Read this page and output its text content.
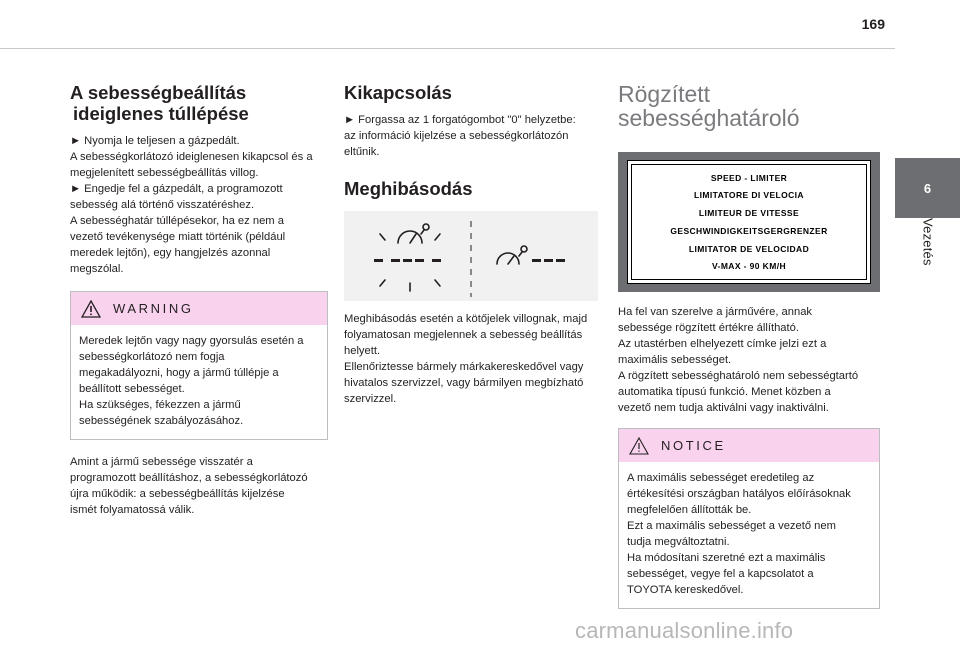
169
6
Vezetés
A sebességbeállítás
ideiglenes túllépése

► Nyomja le teljesen a gázpedált.

A sebességkorlátozó ideiglenesen kikapcsol és a

megjelenített sebességbeállítás villog.

► Engedje fel a gázpedált, a programozott

sebesség alá történő visszatéréshez.

A sebességhatár túllépésekor, ha ez nem a

vezető tevékenysége miatt történik (például

meredek lejtőn), egy hangjelzés azonnal

megszólal.

WARNING

Meredek lejtőn vagy nagy gyorsulás esetén a

sebességkorlátozó nem fogja

megakadályozni, hogy a jármű túllépje a

beállított sebességet.

Ha szükséges, fékezzen a jármű

sebességének szabályozásához.

Amint a jármű sebessége visszatér a

programozott beállításhoz, a sebességkorlátozó

újra működik: a sebességbeállítás kijelzése

ismét folyamatossá válik.

Kikapcsolás

► Forgassa az 1 forgatógombot "0" helyzetbe:

az információ kijelzése a sebességkorlátozón

eltűnik.

Meghibásodás

Meghibásodás esetén a kötőjelek villognak, majd

folyamatosan megjelennek a sebesség beállítás

helyett.

Ellenőriztesse bármely márkakereskedővel vagy

hivatalos szervizzel, vagy bármilyen megbízható

szervizzel.

Rögzített
sebességhatároló
SPEED - LIMITER
LIMITATORE DI VELOCIA
LIMITEUR DE VITESSE
GESCHWINDIGKEITSGERGRENZER
LIMITATOR DE VELOCIDAD
V-MAX - 90 KM/H

Ha fel van szerelve a járművére, annak

sebessége rögzített értékre állítható.

Az utastérben elhelyezett címke jelzi ezt a

maximális sebességet.

A rögzített sebességhatároló nem sebességtartó

automatika típusú funkció. Menet közben a

vezető nem tudja aktiválni vagy inaktiválni.

NOTICE

A maximális sebességet eredetileg az

értékesítési országban hatályos előírásoknak

megfelelően állították be.

Ezt a maximális sebességet a vezető nem

tudja megváltoztatni.

Ha módosítani szeretné ezt a maximális

sebességet, vegye fel a kapcsolatot a

TOYOTA kereskedővel.

carmanualsonline.info
